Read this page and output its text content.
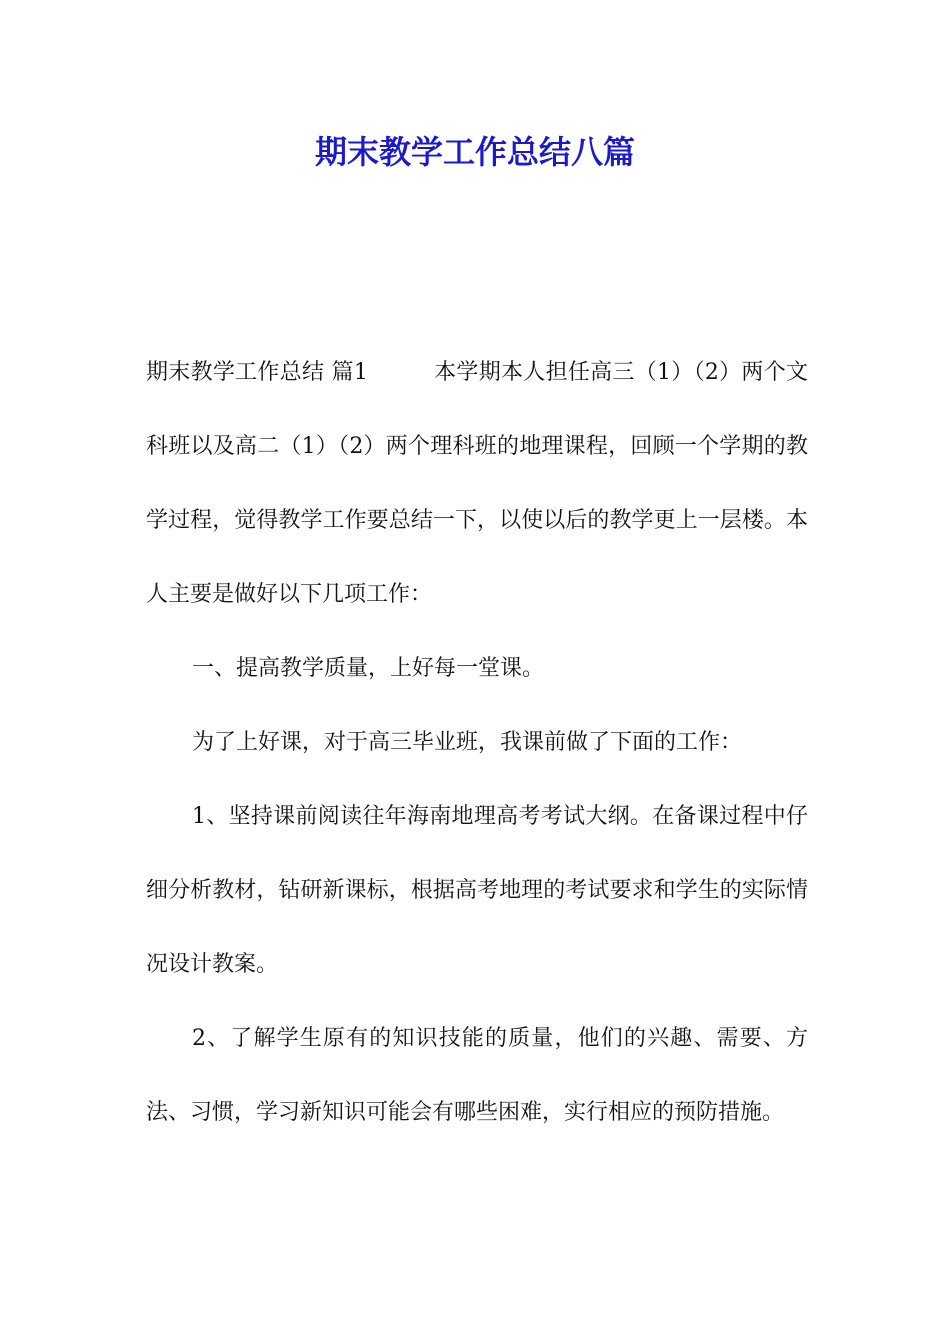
期末教学工作总结八篇

期末教学工作总结 篇1	本学期本人担任高三（1）（2）两个文科班以及高二（1）（2）两个理科班的地理课程，回顾一个学期的教学过程，觉得教学工作要总结一下，以使以后的教学更上一层楼。本人主要是做好以下几项工作：

一、提高教学质量，上好每一堂课。

为了上好课，对于高三毕业班，我课前做了下面的工作：

1、坚持课前阅读往年海南地理高考考试大纲。在备课过程中仔细分析教材，钻研新课标，根据高考地理的考试要求和学生的实际情况设计教案。

2、了解学生原有的知识技能的质量，他们的兴趣、需要、方法、习惯，学习新知识可能会有哪些困难，实行相应的预防措施。
